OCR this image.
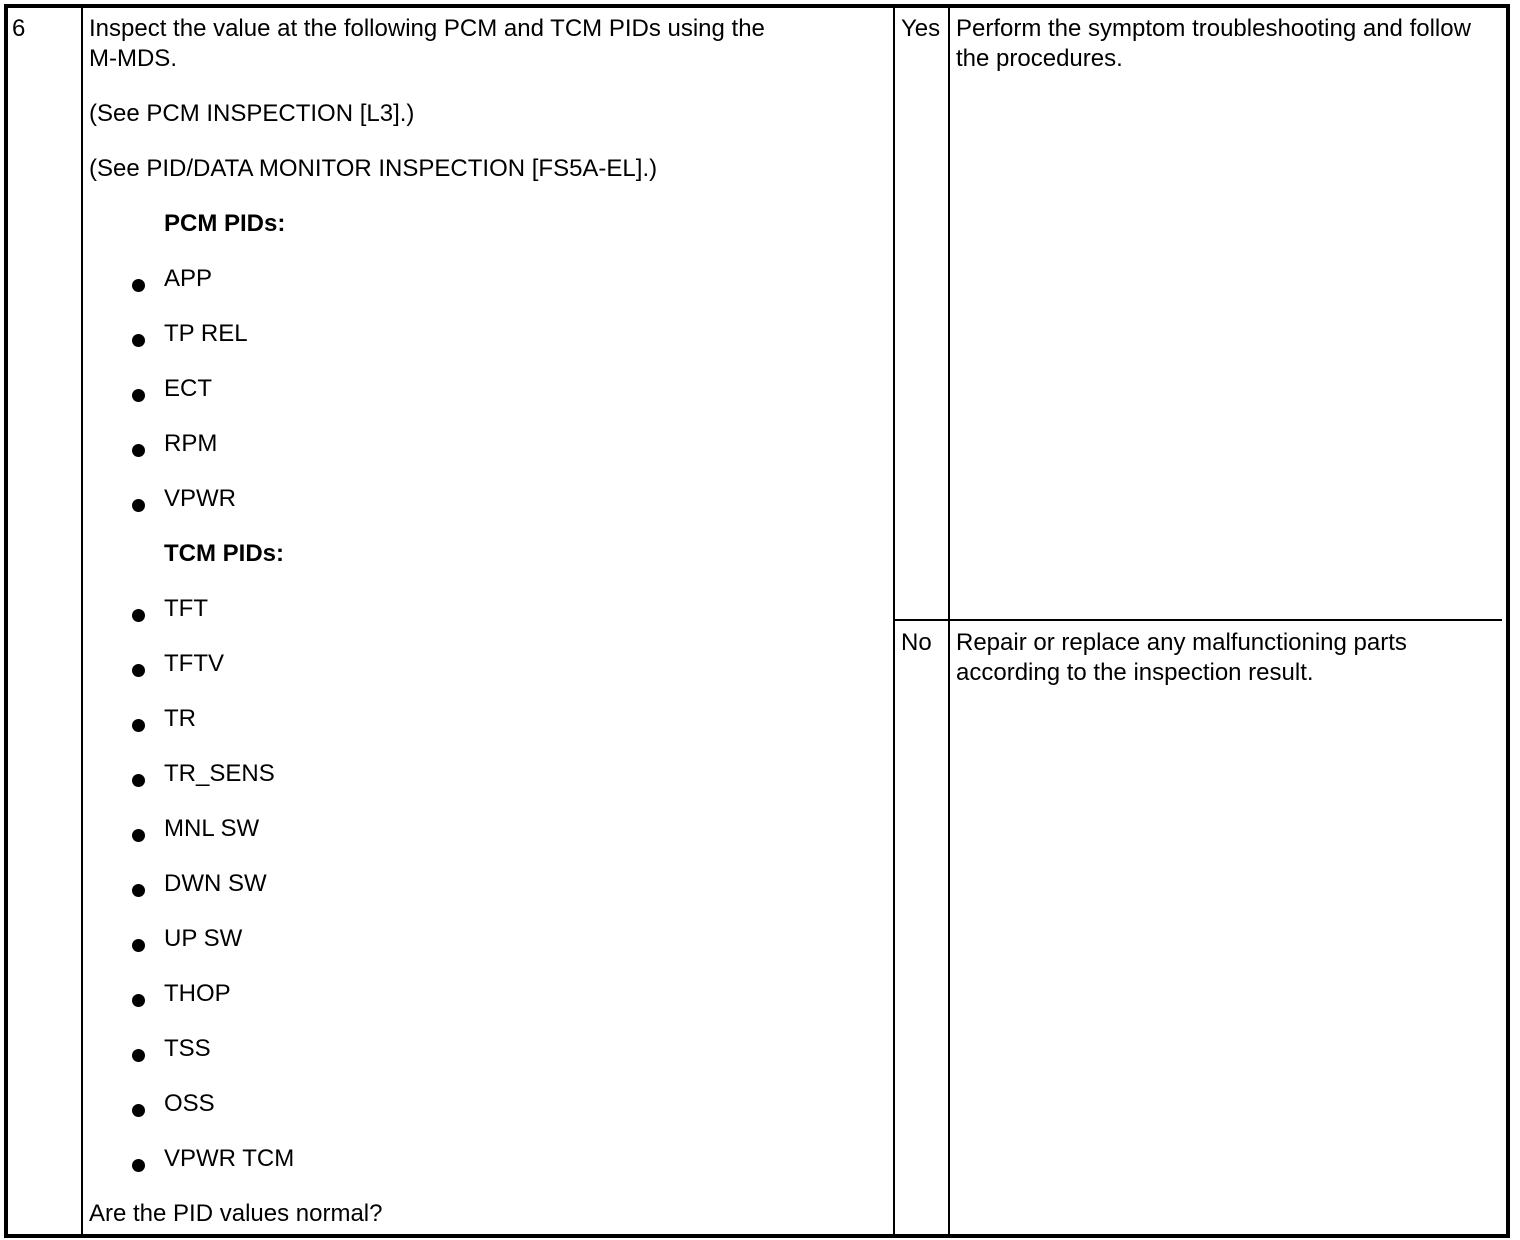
6	Inspect the value at the following PCM and TCM PIDs using the
M-MDS.
(See PCM INSPECTION [L3].)
(See PID/DATA MONITOR INSPECTION [FS5A-EL].)
PCM PIDs:
APP
TP REL
ECT
RPM
VPWR
TCM PIDs:
TFT
TFTV
TR
TR_SENS
MNL SW
DWN SW
UP SW
THOP
TSS
OSS
VPWR TCM
Are the PID values normal?
Yes Perform the symptom troubleshooting and follow
the procedures.
No Repair or replace any malfunctioning parts
according to the inspection result.
